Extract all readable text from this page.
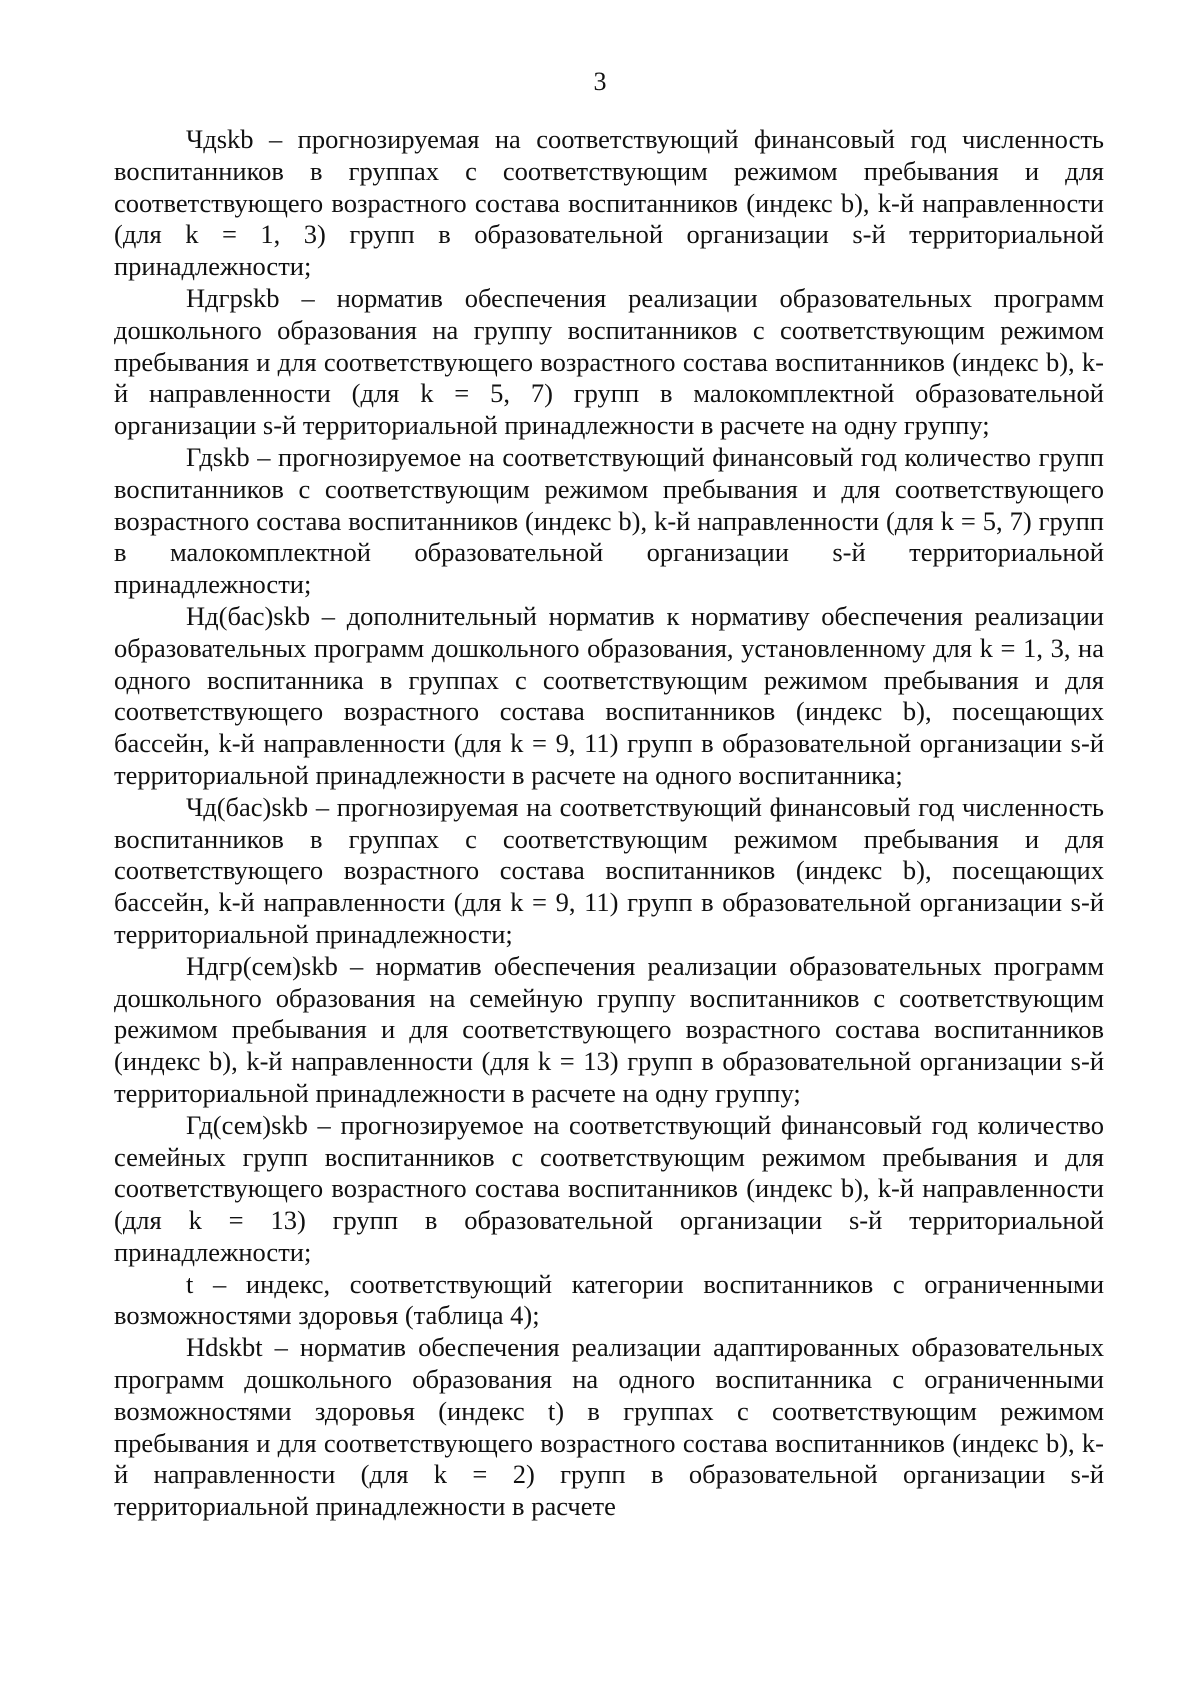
3

Чдskb – прогнозируемая на соответствующий финансовый год численность воспитанников в группах с соответствующим режимом пребывания и для соответствующего возрастного состава воспитанников (индекс b), k-й направленности (для k = 1, 3) групп в образовательной организации s-й территориальной принадлежности;

Ндгрskb – норматив обеспечения реализации образовательных программ дошкольного образования на группу воспитанников с соответствующим режимом пребывания и для соответствующего возрастного состава воспитанников (индекс b), k-й направленности (для k = 5, 7) групп в малокомплектной образовательной организации s-й территориальной принадлежности в расчете на одну группу;

Гдskb – прогнозируемое на соответствующий финансовый год количество групп воспитанников с соответствующим режимом пребывания и для соответствующего возрастного состава воспитанников (индекс b), k-й направленности (для k = 5, 7) групп в малокомплектной образовательной организации s-й территориальной принадлежности;

Нд(бас)skb – дополнительный норматив к нормативу обеспечения реализации образовательных программ дошкольного образования, установленному для k = 1, 3, на одного воспитанника в группах с соответствующим режимом пребывания и для соответствующего возрастного состава воспитанников (индекс b), посещающих бассейн, k-й направленности (для k = 9, 11) групп в образовательной организации s-й территориальной принадлежности в расчете на одного воспитанника;

Чд(бас)skb – прогнозируемая на соответствующий финансовый год численность воспитанников в группах с соответствующим режимом пребывания и для соответствующего возрастного состава воспитанников (индекс b), посещающих бассейн, k-й направленности (для k = 9, 11) групп в образовательной организации s-й территориальной принадлежности;

Ндгр(сем)skb – норматив обеспечения реализации образовательных программ дошкольного образования на семейную группу воспитанников с соответствующим режимом пребывания и для соответствующего возрастного состава воспитанников (индекс b), k-й направленности (для k = 13) групп в образовательной организации s-й территориальной принадлежности в расчете на одну группу;

Гд(сем)skb – прогнозируемое на соответствующий финансовый год количество семейных групп воспитанников с соответствующим режимом пребывания и для соответствующего возрастного состава воспитанников (индекс b), k-й направленности (для k = 13) групп в образовательной организации s-й территориальной принадлежности;

t – индекс, соответствующий категории воспитанников с ограниченными возможностями здоровья (таблица 4);

Нdskbt – норматив обеспечения реализации адаптированных образовательных программ дошкольного образования на одного воспитанника с ограниченными возможностями здоровья (индекс t) в группах с соответствующим режимом пребывания и для соответствующего возрастного состава воспитанников (индекс b), k-й направленности (для k = 2) групп в образовательной организации s-й территориальной принадлежности в расчете
